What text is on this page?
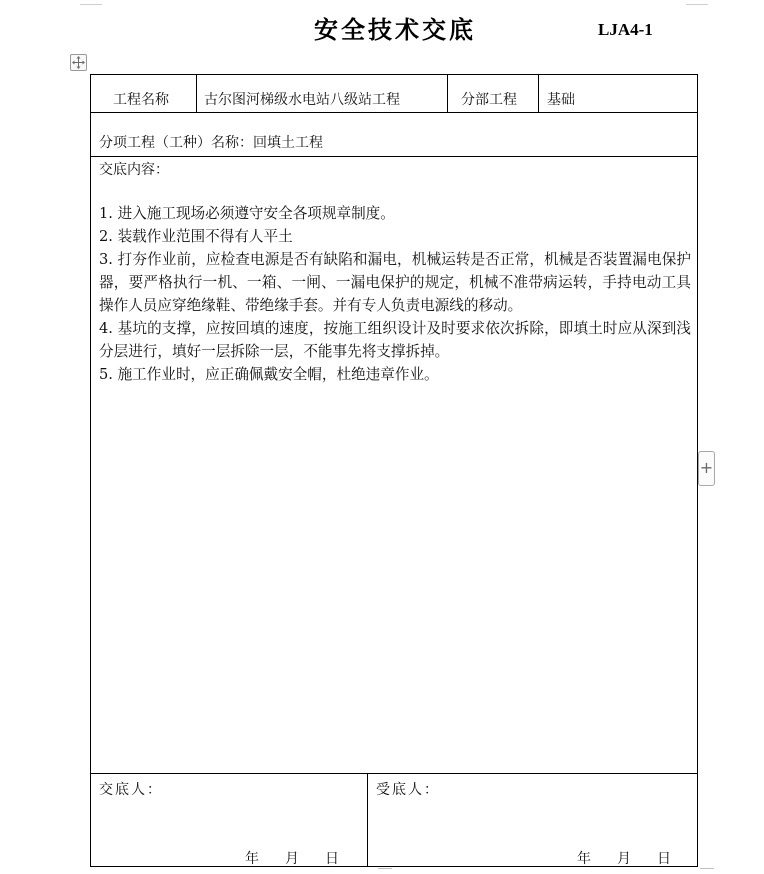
安全技术交底	LJA4-1
+
工程名称	古尔图河梯级水电站八级站工程	分部工程 基础
分项工程（工种）名称：回填土工程
交底内容：
1. 进入施工现场必须遵守安全各项规章制度。
2. 装载作业范围不得有人平土
3. 打夯作业前，应检查电源是否有缺陷和漏电，机械运转是否正常，机械是否装置漏电保护器，要严格执行一机、一箱、一闸、一漏电保护的规定，机械不准带病运转，手持电动工具操作人员应穿绝缘鞋、带绝缘手套。并有专人负责电源线的移动。
4. 基坑的支撑，应按回填的速度，按施工组织设计及时要求依次拆除，即填土时应从深到浅分层进行，填好一层拆除一层，不能事先将支撑拆掉。
5. 施工作业时，应正确佩戴安全帽，杜绝违章作业。
交底人：	受底人：
年 月 日	年 月 日
